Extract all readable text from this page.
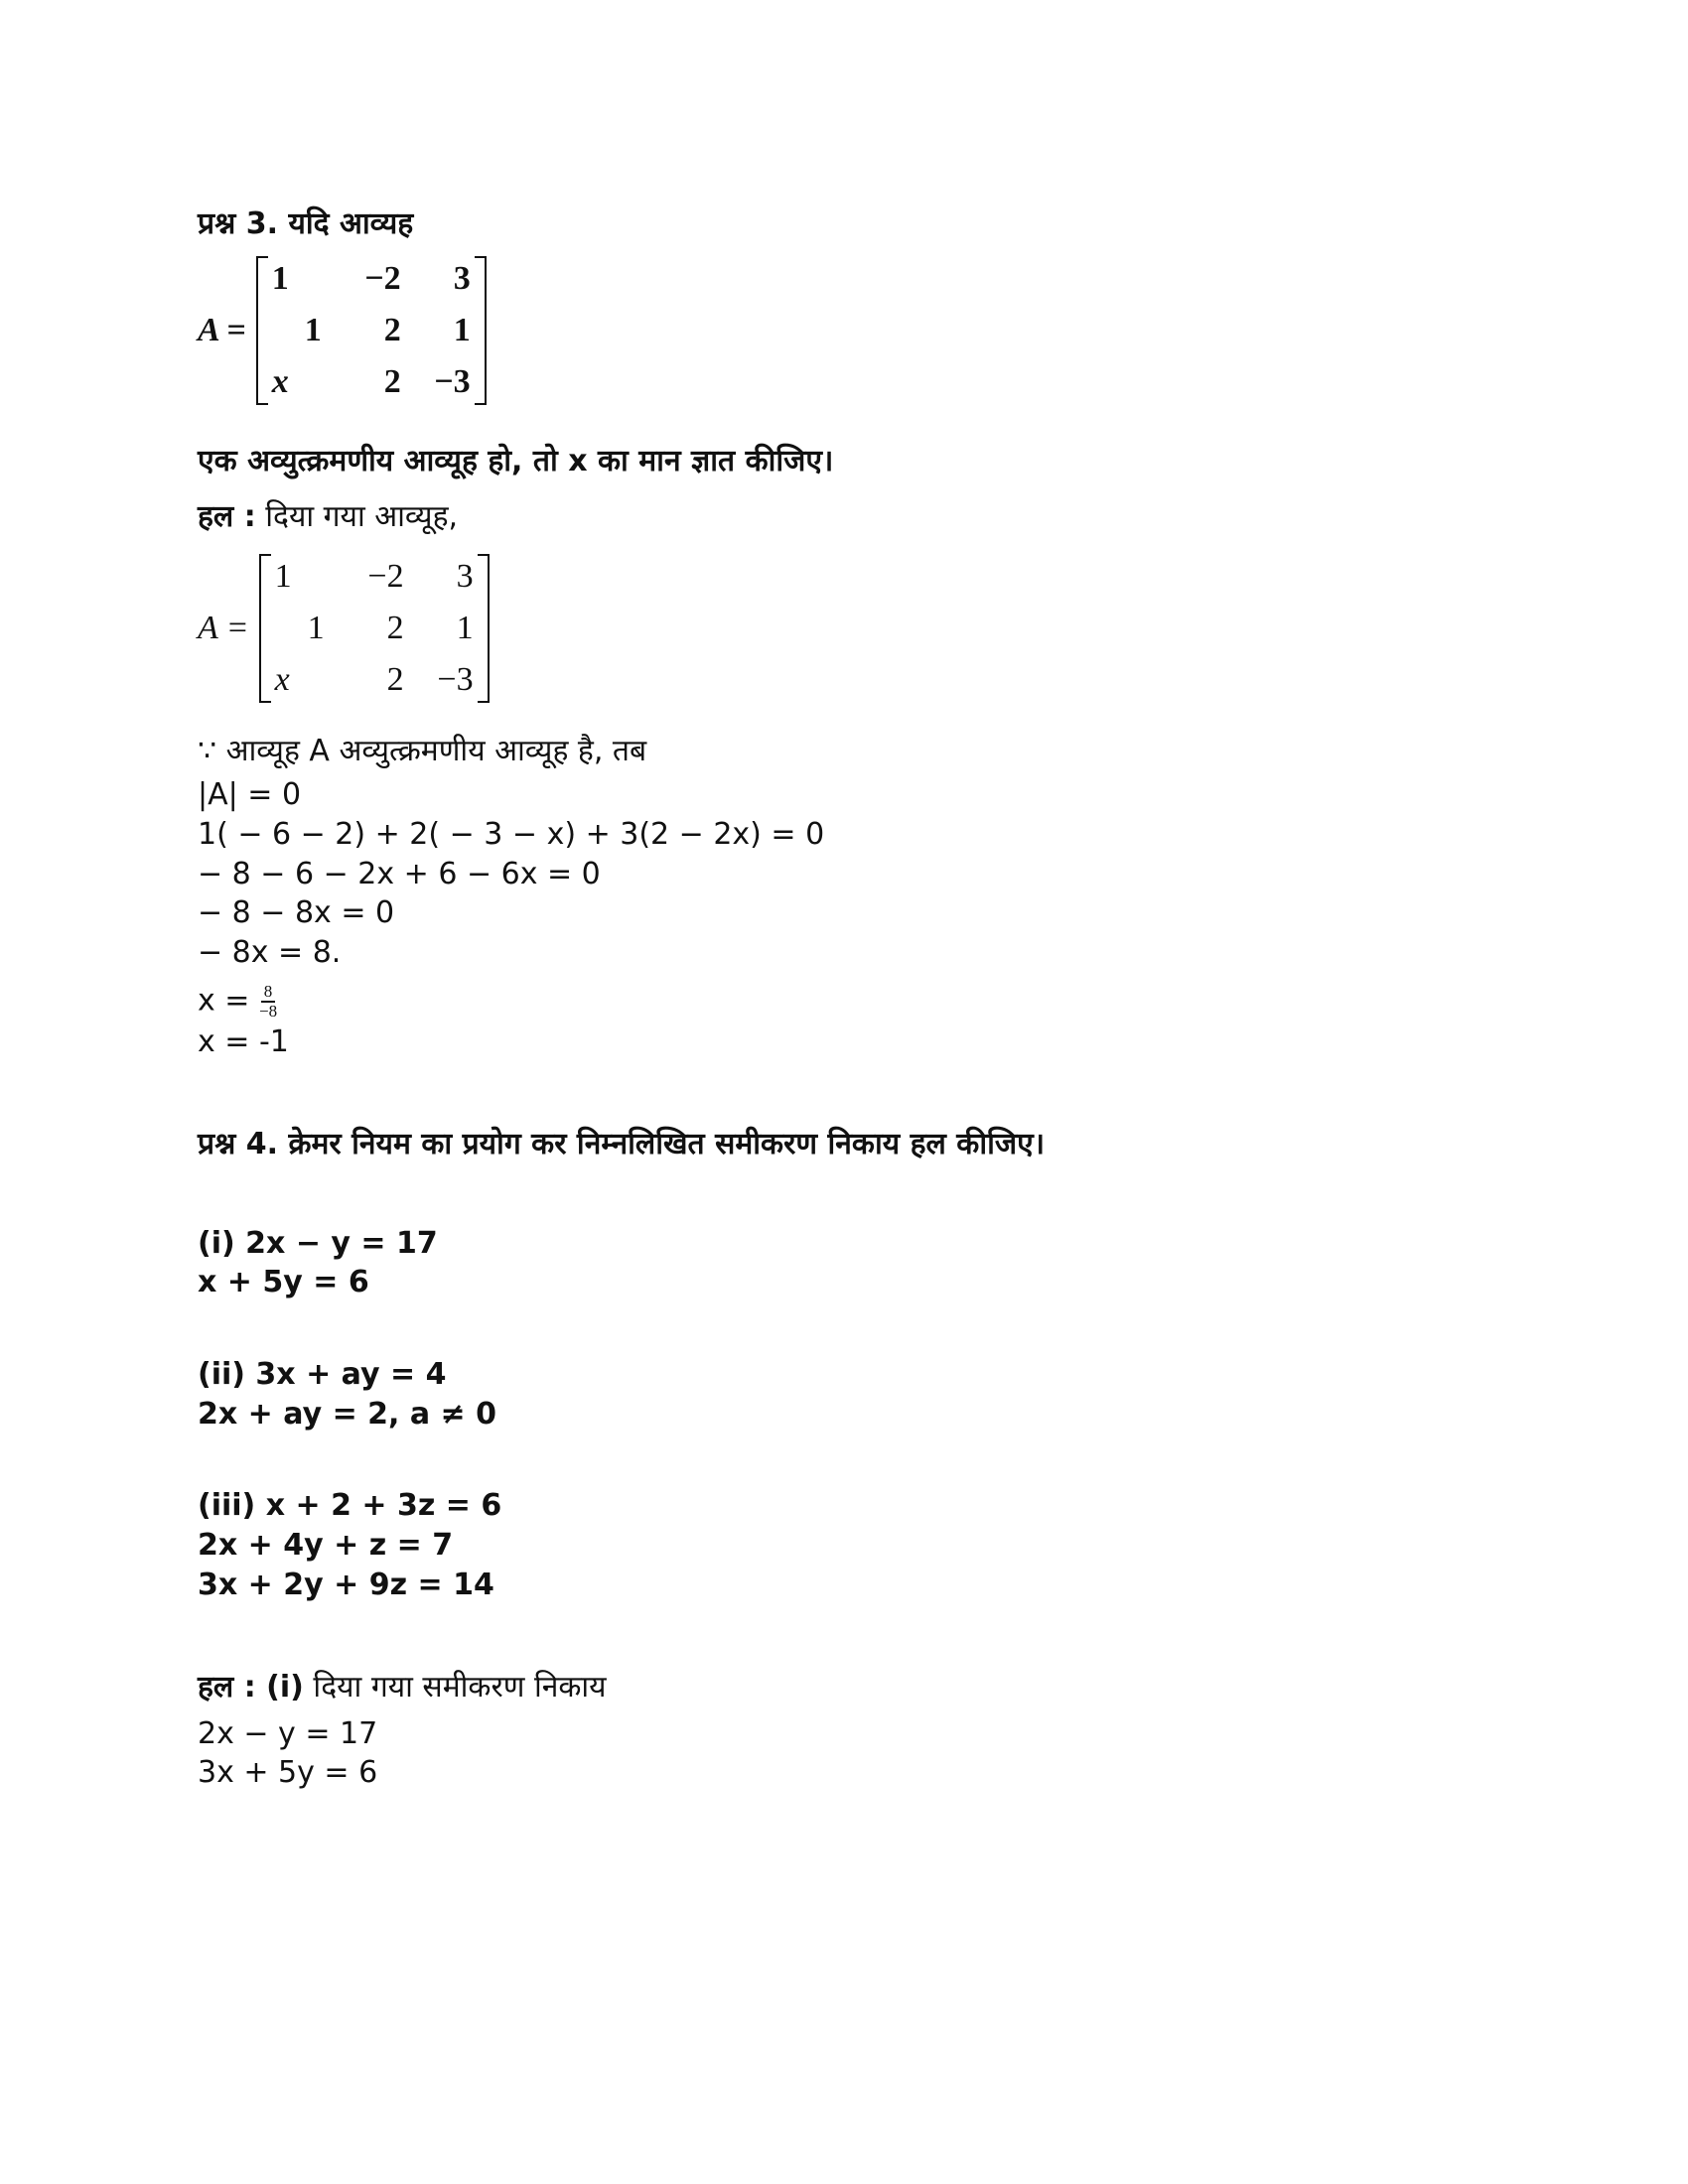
प्रश्न 3. यदि आव्यह
A =
1	−2	3
1	2	1
x	2 −3
एक अव्युत्क्रमणीय आव्यूह हो, तो x का मान ज्ञात कीजिए।
हल : दिया गया आव्यूह,
A =
1	−2	3
1	2	1
x	2 −3
∵ आव्यूह A अव्युत्क्रमणीय आव्यूह है, तब
|A| = 0
1( − 6 − 2) + 2( − 3 − x) + 3(2 − 2x) = 0
− 8 − 6 − 2x + 6 − 6x = 0
− 8 − 8x = 0
− 8x = 8.
$x = \frac{8}{-8}$
x = -1
प्रश्न 4. क्रेमर नियम का प्रयोग कर निम्नलिखित समीकरण निकाय हल कीजिए।
(i) 2x − y = 17
x + 5y = 6
(ii) 3x + ay = 4
2x + ay = 2, a ≠ 0
(iii) x + 2 + 3z = 6
2x + 4y + z = 7
3x + 2y + 9z = 14
हल : (i) दिया गया समीकरण निकाय
2x − y = 17
3x + 5y = 6
